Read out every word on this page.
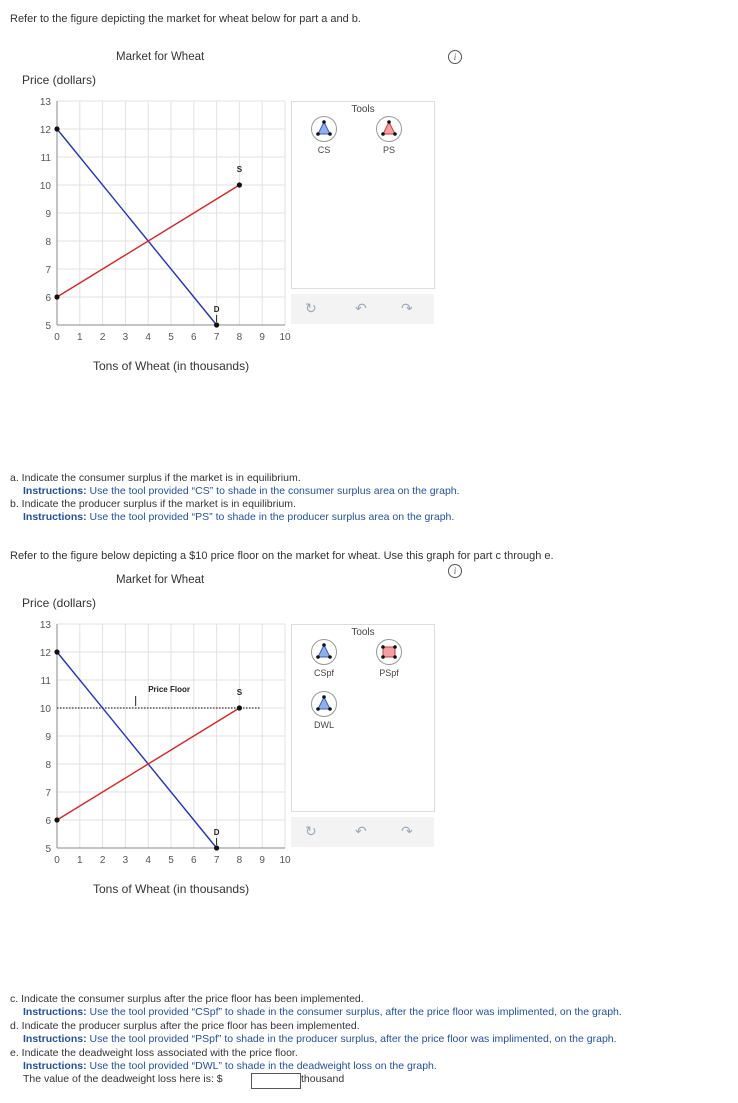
Refer to the figure depicting the market for wheat below for part a and b.
Market for Wheat	i
Price (dollars)
0 1 2 3 4 5 6 7 8 9 10
5
6
7
8
9
10
11
12
13
D
S
Tons of Wheat (in thousands)
Tools
CS	PS
↻	↶ ↷
a. Indicate the consumer surplus if the market is in equilibrium.
Instructions: Use the tool provided “CS” to shade in the consumer surplus area on the graph.
b. Indicate the producer surplus if the market is in equilibrium.
Instructions: Use the tool provided “PS” to shade in the producer surplus area on the graph.
Refer to the figure below depicting a $10 price floor on the market for wheat. Use this graph for part c through e.
i
Market for Wheat
Price (dollars)
0 1 2 3 4 5 6 7 8 9 10
5
6
7
8
9
10
11
12
13
Price Floor
D
S
Tons of Wheat (in thousands)
Tools
CSpf	PSpf
DWL
↻	↶ ↷
c. Indicate the consumer surplus after the price floor has been implemented.
Instructions: Use the tool provided “CSpf” to shade in the consumer surplus, after the price floor was implimented, on the graph.
d. Indicate the producer surplus after the price floor has been implemented.
Instructions: Use the tool provided “PSpf” to shade in the producer surplus, after the price floor was implimented, on the graph.
e. Indicate the deadweight loss associated with the price floor.
Instructions: Use the tool provided “DWL” to shade in the deadweight loss on the graph.
The value of the deadweight loss here is: $	thousand
